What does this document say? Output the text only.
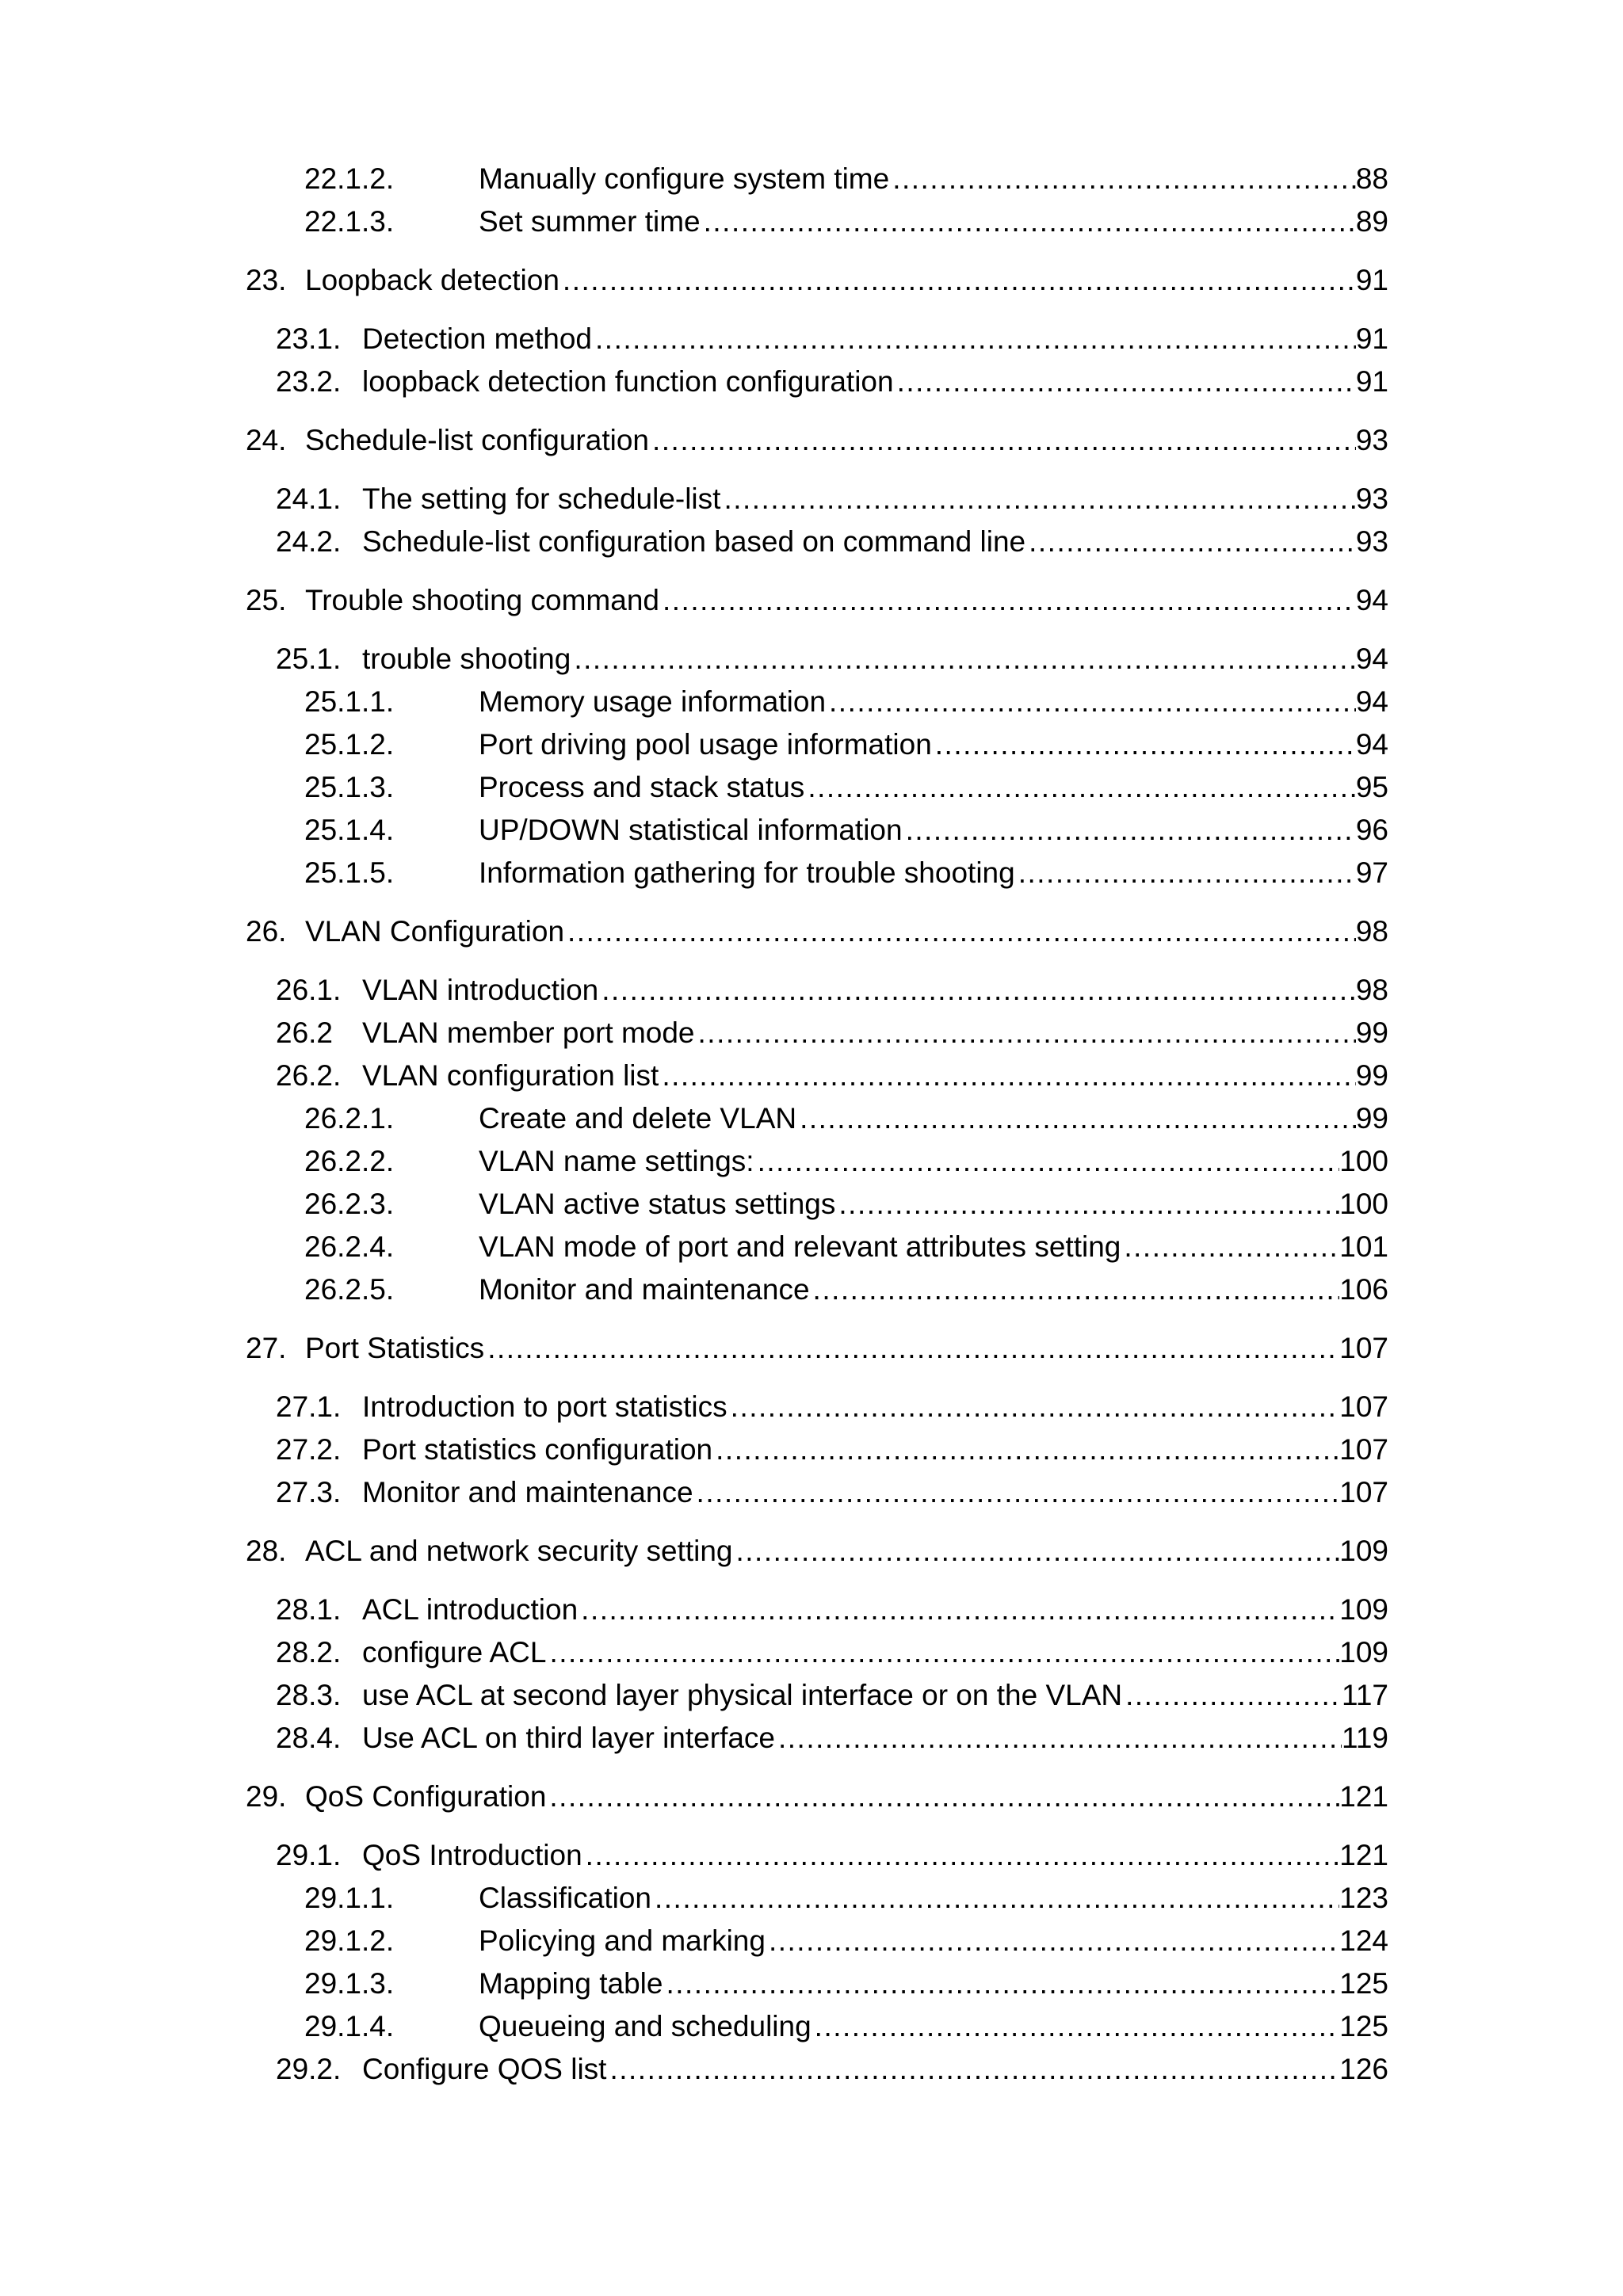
22.1.2.	Manually configure system time .....	88
22.1.3.	Set summer time .....	89
23. Loopback detection .....	91
23.1. Detection method .....	91
23.2. loopback detection function configuration .....	91
24. Schedule-list configuration .....	93
24.1. The setting for schedule-list .....	93
24.2. Schedule-list configuration based on command line .....	93
25. Trouble shooting command .....	94
25.1. trouble shooting .....	94
25.1.1.	Memory usage information .....	94
25.1.2.	Port driving pool usage information .....	94
25.1.3.	Process and stack status .....	95
25.1.4.	UP/DOWN statistical information .....	96
25.1.5.	Information gathering for trouble shooting .....	97
26. VLAN Configuration .....	98
26.1. VLAN introduction .....	98
26.2 VLAN member port mode .....	99
26.2. VLAN configuration list .....	99
26.2.1.	Create and delete VLAN .....	99
26.2.2.	VLAN name settings: .....	100
26.2.3.	VLAN active status settings .....	100
26.2.4.	VLAN mode of port and relevant attributes setting .....	101
26.2.5.	Monitor and maintenance .....	106
27. Port Statistics .....	107
27.1. Introduction to port statistics .....	107
27.2. Port statistics configuration .....	107
27.3. Monitor and maintenance .....	107
28. ACL and network security setting .....	109
28.1. ACL introduction .....	109
28.2. configure ACL .....	109
28.3. use ACL at second layer physical interface or on the VLAN .....	117
28.4. Use ACL on third layer interface .....	119
29. QoS Configuration .....	121
29.1. QoS Introduction .....	121
29.1.1.	Classification .....	123
29.1.2.	Policying and marking .....	124
29.1.3.	Mapping table .....	125
29.1.4.	Queueing and scheduling .....	125
29.2. Configure QOS list .....	126
